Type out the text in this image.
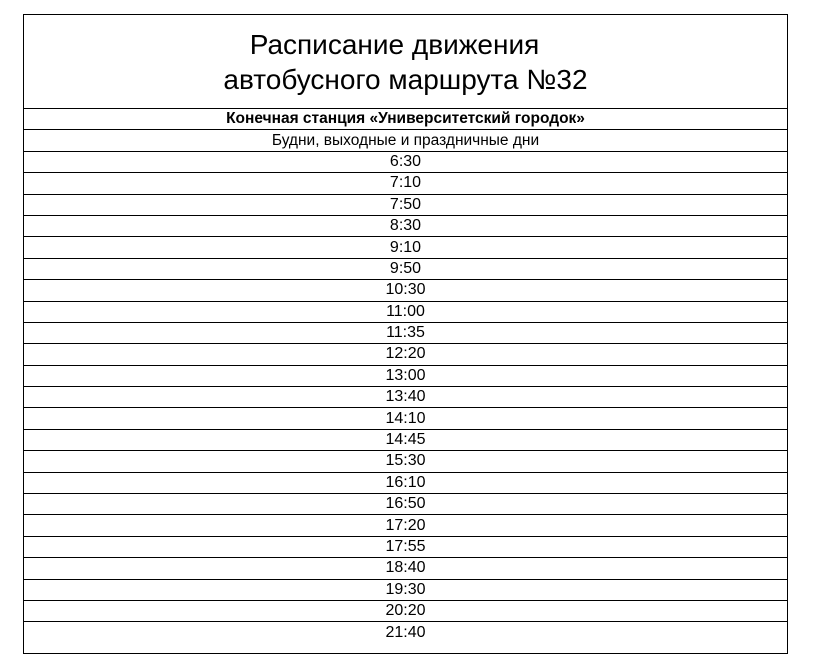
Расписание движения
автобусного маршрута №32
Конечная станция «Университетский городок»
Будни, выходные и праздничные дни
6:30
7:10
7:50
8:30
9:10
9:50
10:30
11:00
11:35
12:20
13:00
13:40
14:10
14:45
15:30
16:10
16:50
17:20
17:55
18:40
19:30
20:20
21:40
